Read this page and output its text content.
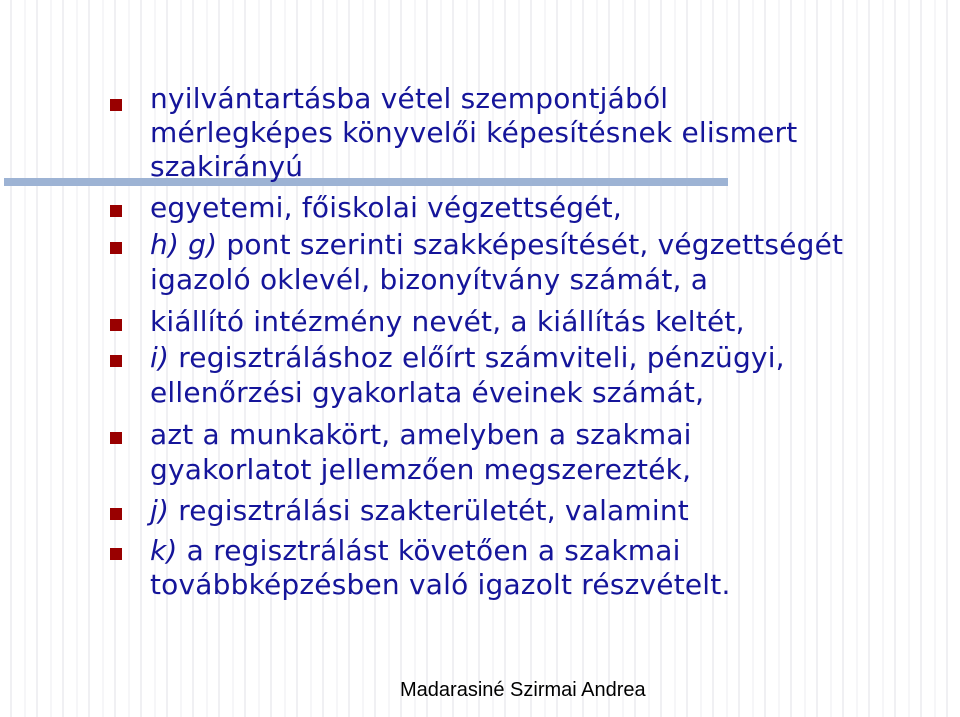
nyilvántartásba vétel szempontjából
mérlegképes könyvelői képesítésnek elismert
szakirányú
egyetemi, főiskolai végzettségét,
h) g) pont szerinti szakképesítését, végzettségét
igazoló oklevél, bizonyítvány számát, a
kiállító intézmény nevét, a kiállítás keltét,
i) regisztráláshoz előírt számviteli, pénzügyi,
ellenőrzési gyakorlata éveinek számát,
azt a munkakört, amelyben a szakmai
gyakorlatot jellemzően megszerezték,
j) regisztrálási szakterületét, valamint
k) a regisztrálást követően a szakmai
továbbképzésben való igazolt részvételt.
Madarasiné Szirmai Andrea
